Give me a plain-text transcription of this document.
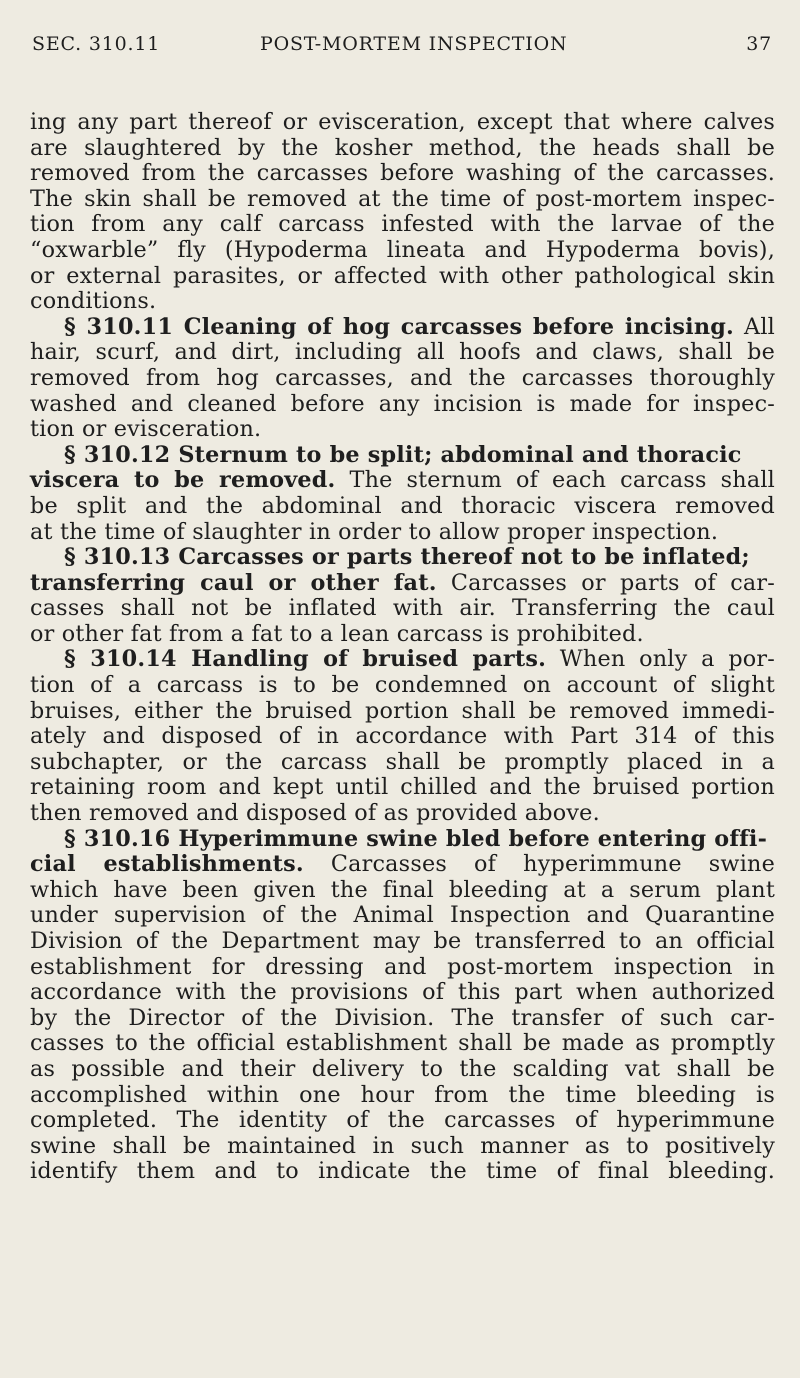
SEC. 310.11	POST-MORTEM INSPECTION	37
ing any part thereof or evisceration, except that where calves
are slaughtered by the kosher method, the heads shall be
removed from the carcasses before washing of the carcasses.
The skin shall be removed at the time of post-mortem inspec-
tion from any calf carcass infested with the larvae of the
“oxwarble” fly (Hypoderma lineata and Hypoderma bovis),
or external parasites, or affected with other pathological skin
conditions.
§ 310.11 Cleaning of hog carcasses before incising. All
hair, scurf, and dirt, including all hoofs and claws, shall be
removed from hog carcasses, and the carcasses thoroughly
washed and cleaned before any incision is made for inspec-
tion or evisceration.
§ 310.12 Sternum to be split; abdominal and thoracic
viscera to be removed. The sternum of each carcass shall
be split and the abdominal and thoracic viscera removed
at the time of slaughter in order to allow proper inspection.
§ 310.13 Carcasses or parts thereof not to be inflated;
transferring caul or other fat. Carcasses or parts of car-
casses shall not be inflated with air. Transferring the caul
or other fat from a fat to a lean carcass is prohibited.
§ 310.14 Handling of bruised parts. When only a por-
tion of a carcass is to be condemned on account of slight
bruises, either the bruised portion shall be removed immedi-
ately and disposed of in accordance with Part 314 of this
subchapter, or the carcass shall be promptly placed in a
retaining room and kept until chilled and the bruised portion
then removed and disposed of as provided above.
§ 310.16 Hyperimmune swine bled before entering offi-
cial establishments. Carcasses of hyperimmune swine
which have been given the final bleeding at a serum plant
under supervision of the Animal Inspection and Quarantine
Division of the Department may be transferred to an official
establishment for dressing and post-mortem inspection in
accordance with the provisions of this part when authorized
by the Director of the Division. The transfer of such car-
casses to the official establishment shall be made as promptly
as possible and their delivery to the scalding vat shall be
accomplished within one hour from the time bleeding is
completed. The identity of the carcasses of hyperimmune
swine shall be maintained in such manner as to positively
identify them and to indicate the time of final bleeding.
